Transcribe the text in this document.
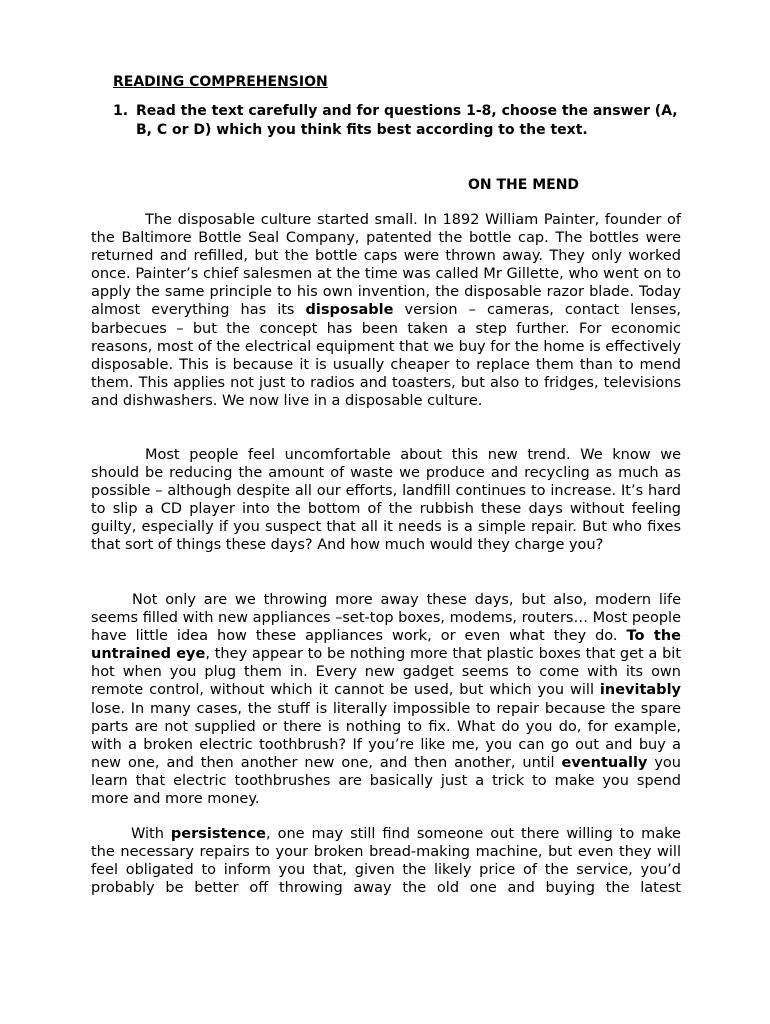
READING COMPREHENSION
1. Read the text carefully and for questions 1-8, choose the answer (A, B, C or D) which you think fits best according to the text.
ON THE MEND

The disposable culture started small. In 1892 William Painter, founder of the Baltimore Bottle Seal Company, patented the bottle cap. The bottles were returned and refilled, but the bottle caps were thrown away. They only worked once. Painter’s chief salesmen at the time was called Mr Gillette, who went on to apply the same principle to his own invention, the disposable razor blade. Today almost everything has its disposable version – cameras, contact lenses, barbecues – but the concept has been taken a step further. For economic reasons, most of the electrical equipment that we buy for the home is effectively disposable. This is because it is usually cheaper to replace them than to mend them. This applies not just to radios and toasters, but also to fridges, televisions and dishwashers. We now live in a disposable culture.

Most people feel uncomfortable about this new trend. We know we should be reducing the amount of waste we produce and recycling as much as possible – although despite all our efforts, landfill continues to increase. It’s hard to slip a CD player into the bottom of the rubbish these days without feeling guilty, especially if you suspect that all it needs is a simple repair. But who fixes that sort of things these days? And how much would they charge you?

Not only are we throwing more away these days, but also, modern life seems filled with new appliances –set-top boxes, modems, routers… Most people have little idea how these appliances work, or even what they do. To the untrained eye, they appear to be nothing more that plastic boxes that get a bit hot when you plug them in. Every new gadget seems to come with its own remote control, without which it cannot be used, but which you will inevitably lose. In many cases, the stuff is literally impossible to repair because the spare parts are not supplied or there is nothing to fix. What do you do, for example, with a broken electric toothbrush? If you’re like me, you can go out and buy a new one, and then another new one, and then another, until eventually you learn that electric toothbrushes are basically just a trick to make you spend more and more money.

With persistence, one may still find someone out there willing to make the necessary repairs to your broken bread-making machine, but even they will feel obligated to inform you that, given the likely price of the service, you’d probably be better off throwing away the old one and buying the latest
